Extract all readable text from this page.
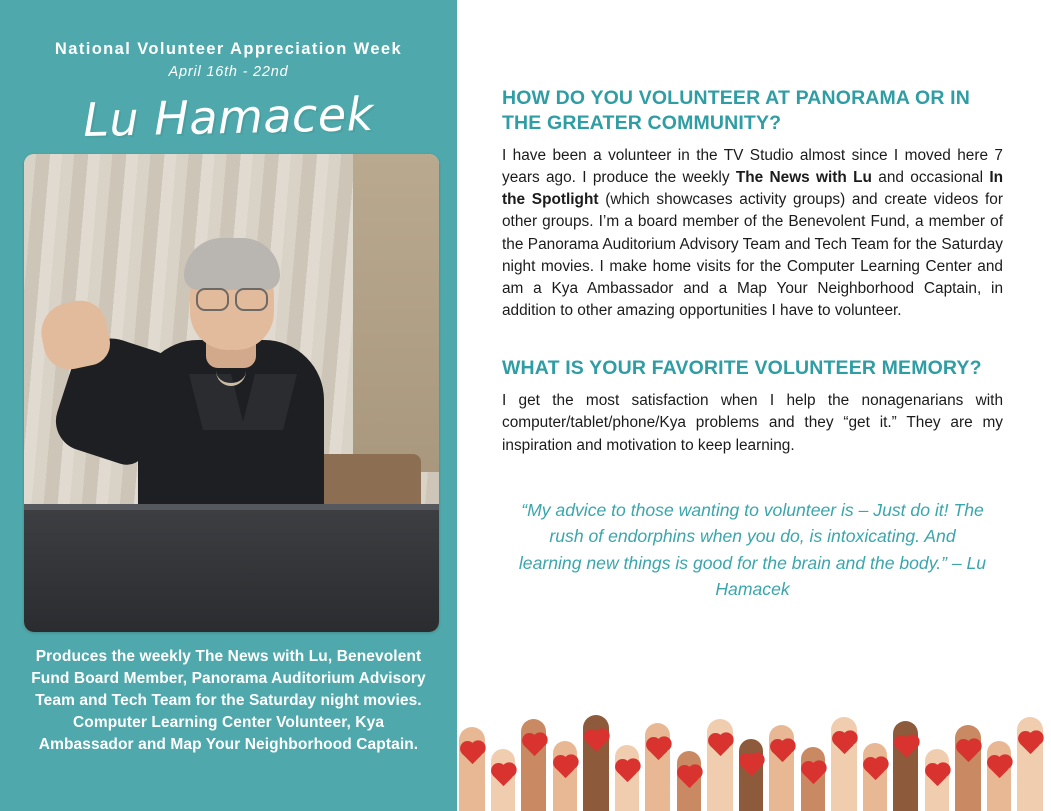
National Volunteer Appreciation Week
April 16th - 22nd
Lu Hamacek
Produces the weekly The News with Lu, Benevolent Fund Board Member, Panorama Auditorium Advisory Team and Tech Team for the Saturday night movies. Computer Learning Center Volunteer, Kya Ambassador and Map Your Neighborhood Captain.
HOW DO YOU VOLUNTEER AT PANORAMA OR IN THE GREATER COMMUNITY?

I have been a volunteer in the TV Studio almost since I moved here 7 years ago. I produce the weekly The News with Lu and occasional In the Spotlight (which showcases activity groups) and create videos for other groups. I’m a board member of the Benevolent Fund, a member of the Panorama Auditorium Advisory Team and Tech Team for the Saturday night movies. I make home visits for the Computer Learning Center and am a Kya Ambassador and a Map Your Neighborhood Captain, in addition to other amazing opportunities I have to volunteer.

WHAT IS YOUR FAVORITE VOLUNTEER MEMORY?

I get the most satisfaction when I help the nonagenarians with computer/tablet/phone/Kya problems and they “get it.” They are my inspiration and motivation to keep learning.

“My advice to those wanting to volunteer is – Just do it! The rush of endorphins when you do, is intoxicating. And learning new things is good for the brain and the body.” – Lu Hamacek
